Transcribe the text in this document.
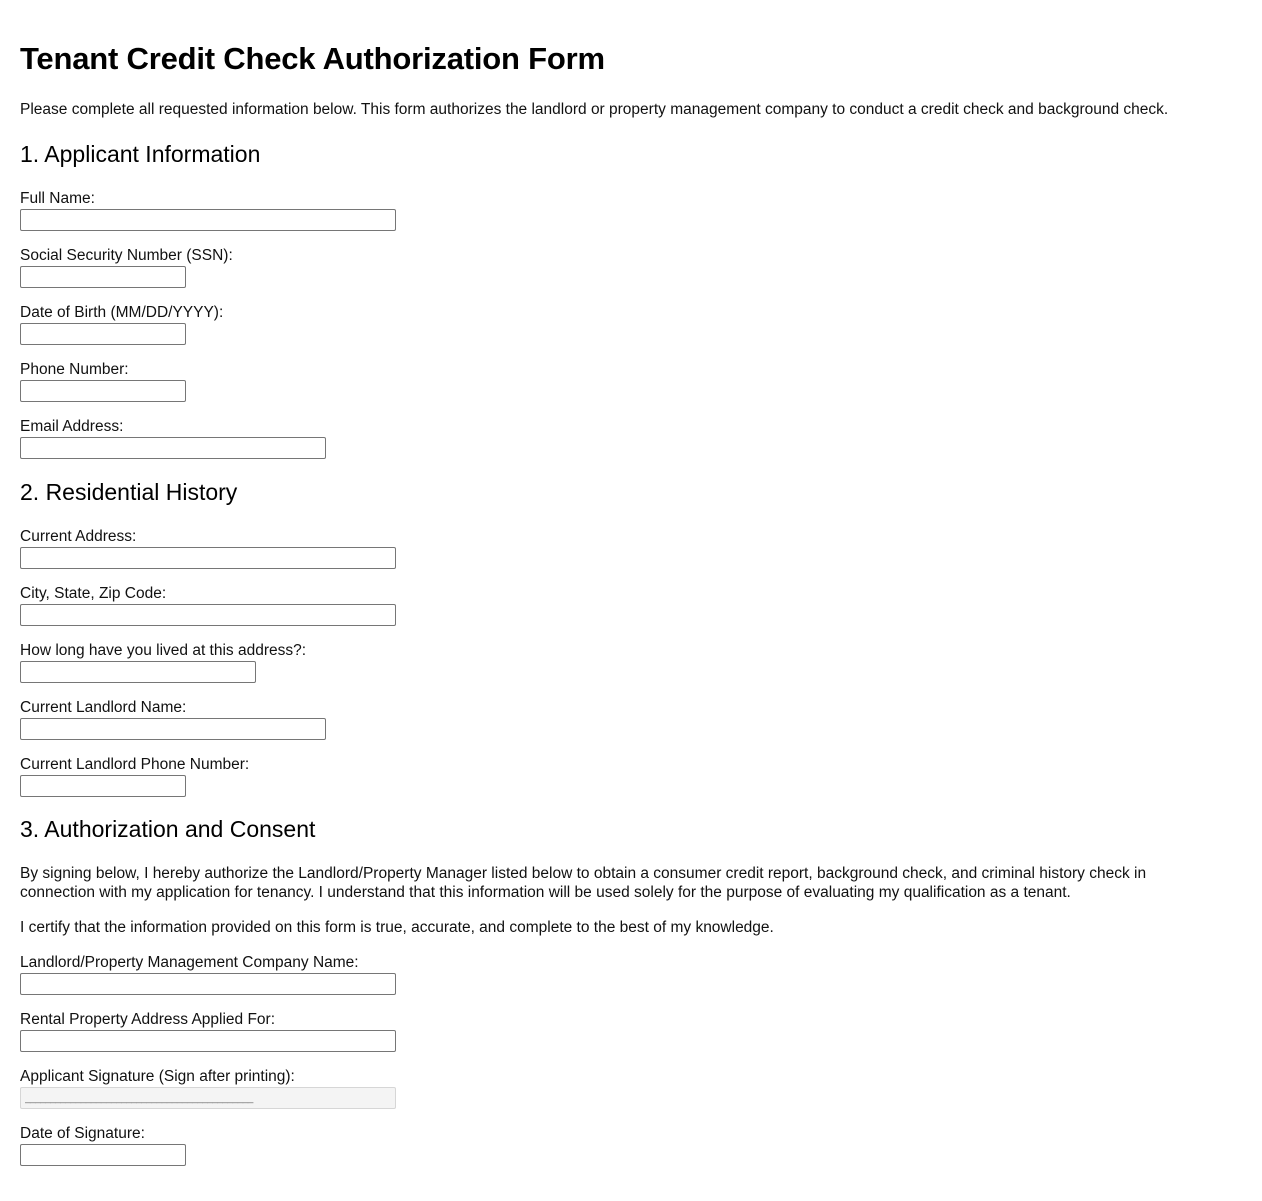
Tenant Credit Check Authorization Form

Please complete all requested information below. This form authorizes the landlord or property management company to conduct a credit check and background check.

1. Applicant Information
Full Name:
Social Security Number (SSN):
Date of Birth (MM/DD/YYYY):
Phone Number:
Email Address:
2. Residential History
Current Address:
City, State, Zip Code:
How long have you lived at this address?:
Current Landlord Name:
Current Landlord Phone Number:
3. Authorization and Consent

By signing below, I hereby authorize the Landlord/Property Manager listed below to obtain a consumer credit report, background check, and criminal history check in connection with my application for tenancy. I understand that this information will be used solely for the purpose of evaluating my qualification as a tenant.

I certify that the information provided on this form is true, accurate, and complete to the best of my knowledge.

Landlord/Property Management Company Name:
Rental Property Address Applied For:
Applicant Signature (Sign after printing):
_____________________________________________
Date of Signature:
